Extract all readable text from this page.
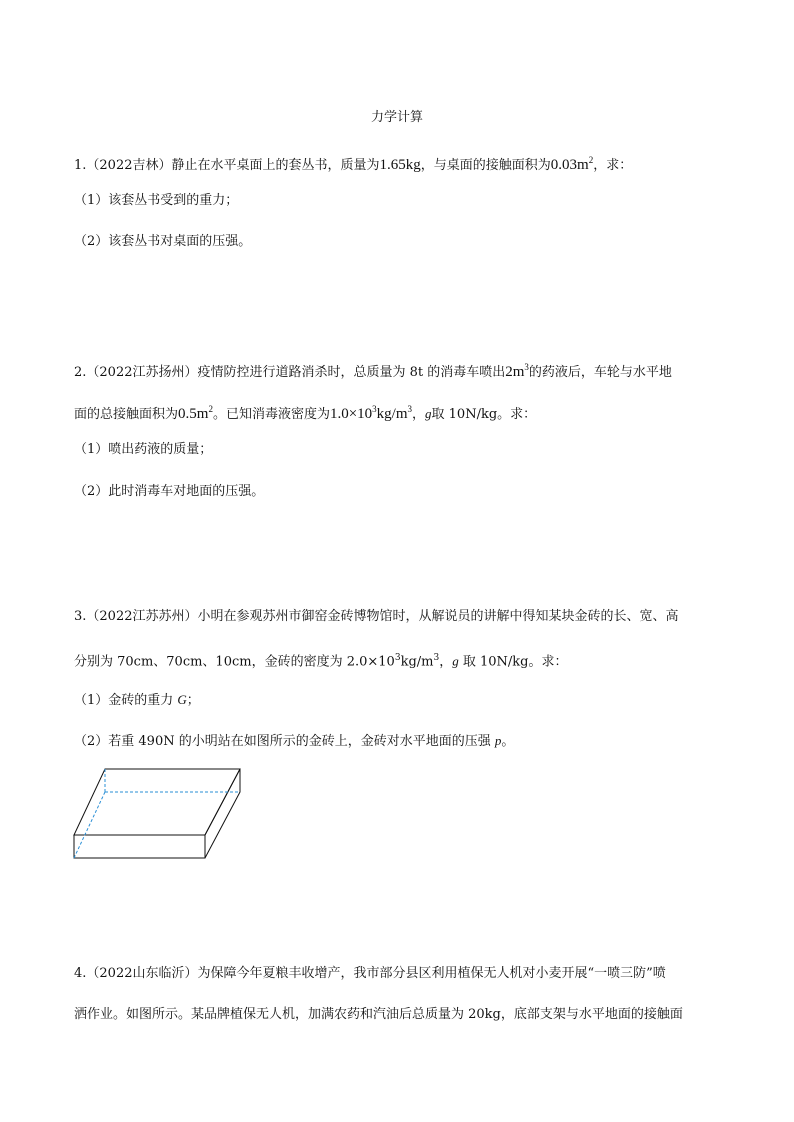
力学计算
1.（2022吉林）静止在水平桌面上的套丛书，质量为1.65kg，与桌面的接触面积为$0.03m^2$，求：
（1）该套丛书受到的重力；
（2）该套丛书对桌面的压强。
2.（2022江苏扬州）疫情防控进行道路消杀时，总质量为 8t 的消毒车喷出$2m^3$的药液后，车轮与水平地
面的总接触面积为$0.5m^2$。已知消毒液密度为$1.0\times 10^3kg/m^3$，g取 10N/kg。求：
（1）喷出药液的质量；
（2）此时消毒车对地面的压强。
3.（2022江苏苏州）小明在参观苏州市御窑金砖博物馆时，从解说员的讲解中得知某块金砖的长、宽、高
分别为 70cm、70cm、10cm，金砖的密度为 $2.0\times 10^3kg/m^3$，g 取 10N/kg。求：
（1）金砖的重力 G；
（2）若重 490N 的小明站在如图所示的金砖上，金砖对水平地面的压强 p。
4.（2022山东临沂）为保障今年夏粮丰收增产，我市部分县区利用植保无人机对小麦开展“一喷三防”喷
洒作业。如图所示。某品牌植保无人机，加满农药和汽油后总质量为 20kg，底部支架与水平地面的接触面
